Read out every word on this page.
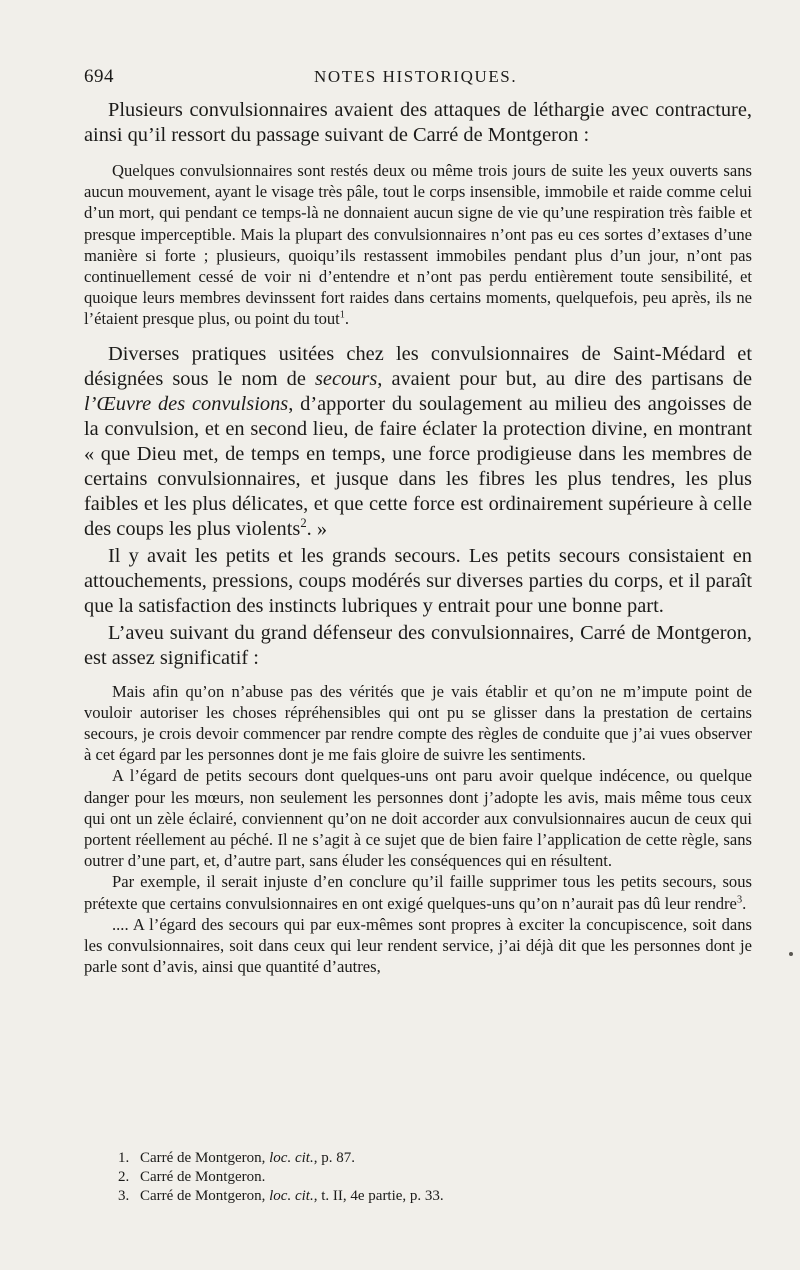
694	NOTES HISTORIQUES.

Plusieurs convulsionnaires avaient des attaques de léthargie avec contracture, ainsi qu’il ressort du passage suivant de Carré de Montgeron :

Quelques convulsionnaires sont restés deux ou même trois jours de suite les yeux ouverts sans aucun mouvement, ayant le visage très pâle, tout le corps insensible, immobile et raide comme celui d’un mort, qui pendant ce temps-là ne donnaient aucun signe de vie qu’une respiration très faible et presque imperceptible. Mais la plupart des convulsionnaires n’ont pas eu ces sortes d’extases d’une manière si forte ; plusieurs, quoiqu’ils restassent immobiles pendant plus d’un jour, n’ont pas continuellement cessé de voir ni d’entendre et n’ont pas perdu entièrement toute sensibilité, et quoique leurs membres devinssent fort raides dans certains moments, quelquefois, peu après, ils ne l’étaient presque plus, ou point du tout$^1$.

Diverses pratiques usitées chez les convulsionnaires de Saint-Médard et désignées sous le nom de secours, avaient pour but, au dire des partisans de l’Œuvre des convulsions, d’apporter du soulagement au milieu des angoisses de la convulsion, et en second lieu, de faire éclater la protection divine, en montrant « que Dieu met, de temps en temps, une force prodigieuse dans les membres de certains convulsionnaires, et jusque dans les fibres les plus tendres, les plus faibles et les plus délicates, et que cette force est ordinairement supérieure à celle des coups les plus violents$^2$. »

Il y avait les petits et les grands secours. Les petits secours consistaient en attouchements, pressions, coups modérés sur diverses parties du corps, et il paraît que la satisfaction des instincts lubriques y entrait pour une bonne part.

L’aveu suivant du grand défenseur des convulsionnaires, Carré de Montgeron, est assez significatif :

Mais afin qu’on n’abuse pas des vérités que je vais établir et qu’on ne m’impute point de vouloir autoriser les choses répréhensibles qui ont pu se glisser dans la prestation de certains secours, je crois devoir commencer par rendre compte des règles de conduite que j’ai vues observer à cet égard par les personnes dont je me fais gloire de suivre les sentiments.

A l’égard de petits secours dont quelques-uns ont paru avoir quelque indécence, ou quelque danger pour les mœurs, non seulement les personnes dont j’adopte les avis, mais même tous ceux qui ont un zèle éclairé, conviennent qu’on ne doit accorder aux convulsionnaires aucun de ceux qui portent réellement au péché. Il ne s’agit à ce sujet que de bien faire l’application de cette règle, sans outrer d’une part, et, d’autre part, sans éluder les conséquences qui en résultent.

Par exemple, il serait injuste d’en conclure qu’il faille supprimer tous les petits secours, sous prétexte que certains convulsionnaires en ont exigé quelques-uns qu’on n’aurait pas dû leur rendre$^3$.

.... A l’égard des secours qui par eux-mêmes sont propres à exciter la concupiscence, soit dans les convulsionnaires, soit dans ceux qui leur rendent service, j’ai déjà dit que les personnes dont je parle sont d’avis, ainsi que quantité d’autres,

1. Carré de Montgeron, loc. cit., p. 87.

2. Carré de Montgeron.

3. Carré de Montgeron, loc. cit., t. II, 4e partie, p. 33.
